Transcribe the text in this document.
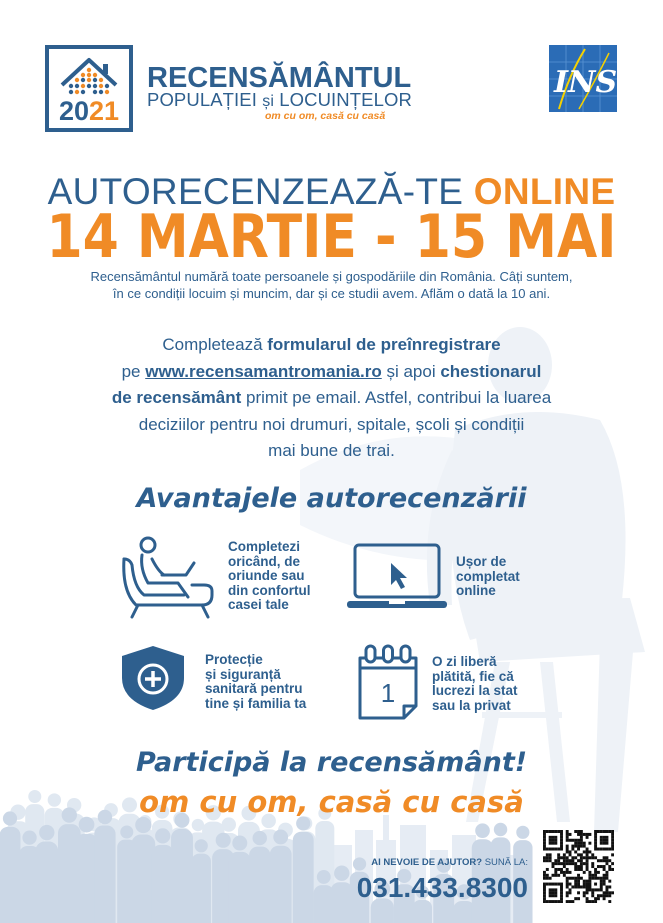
20 21
RECENSĂMÂNTUL
POPULAȚIEI și LOCUINȚELOR
om cu om, casă cu casă
INS
AUTORECENZEAZĂ-TE ONLINE
14 MARTIE - 15 MAI
Recensământul numără toate persoanele și gospodăriile din România. Câți suntem,
în ce condiții locuim și muncim, dar și ce studii avem. Aflăm o dată la 10 ani.
Completează formularul de preînregistrare
pe www.recensamantromania.ro și apoi chestionarul
de recensământ primit pe email. Astfel, contribui la luarea
deciziilor pentru noi drumuri, spitale, școli și condiții
mai bune de trai.
Avantajele autorecenzării
Completezi
oricând, de
oriunde sau
din confortul
casei tale
Ușor de
completat
online
Protecție
și siguranță
sanitară pentru
tine și familia ta	1
O zi liberă
plătită, fie că
lucrezi la stat
sau la privat
Participă la recensământ!
om cu om, casă cu casă
AI NEVOIE DE AJUTOR? SUNĂ LA:
031.433.8300
